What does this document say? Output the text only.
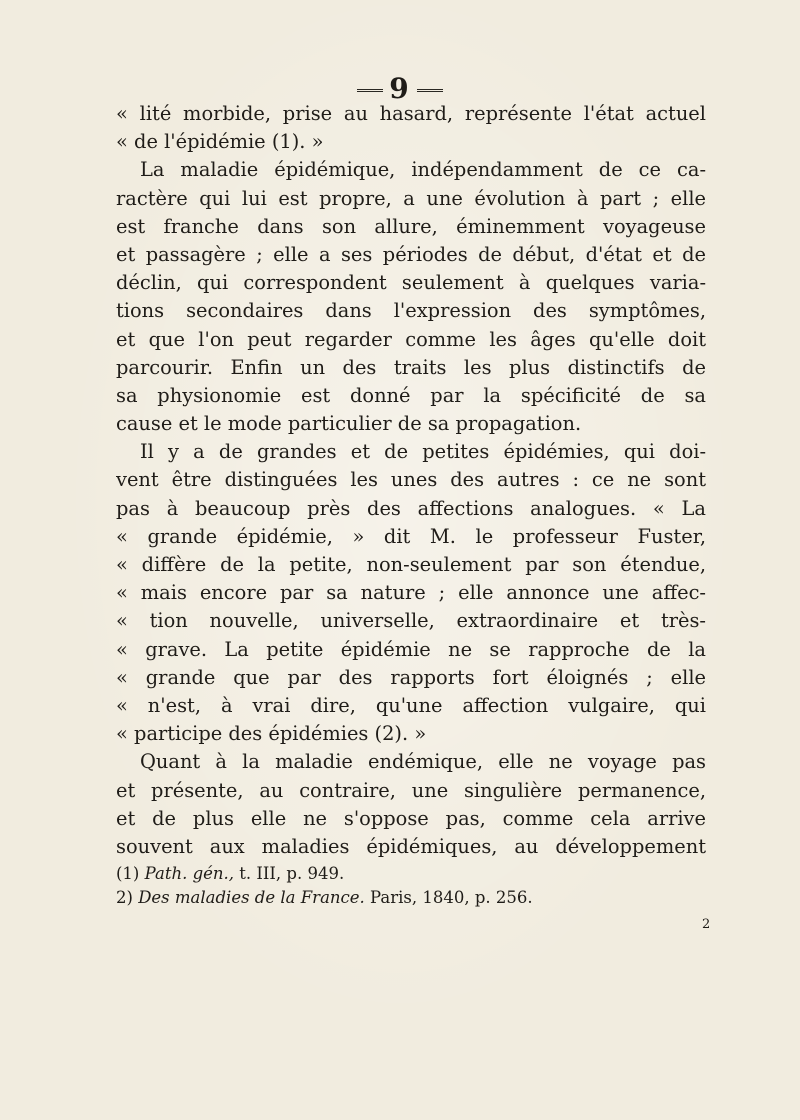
9
« lité morbide, prise au hasard, représente l'état actuel
« de l'épidémie (1). »
La maladie épidémique, indépendamment de ce ca-
ractère qui lui est propre, a une évolution à part ; elle
est franche dans son allure, éminemment voyageuse
et passagère ; elle a ses périodes de début, d'état et de
déclin, qui correspondent seulement à quelques varia-
tions secondaires dans l'expression des symptômes,
et que l'on peut regarder comme les âges qu'elle doit
parcourir. Enfin un des traits les plus distinctifs de
sa physionomie est donné par la spécificité de sa
cause et le mode particulier de sa propagation.
Il y a de grandes et de petites épidémies, qui doi-
vent être distinguées les unes des autres : ce ne sont
pas à beaucoup près des affections analogues. « La
« grande épidémie, » dit M. le professeur Fuster,
« diffère de la petite, non-seulement par son étendue,
« mais encore par sa nature ; elle annonce une affec-
« tion nouvelle, universelle, extraordinaire et très-
« grave. La petite épidémie ne se rapproche de la
« grande que par des rapports fort éloignés ; elle
« n'est, à vrai dire, qu'une affection vulgaire, qui
« participe des épidémies (2). »
Quant à la maladie endémique, elle ne voyage pas
et présente, au contraire, une singulière permanence,
et de plus elle ne s'oppose pas, comme cela arrive
souvent aux maladies épidémiques, au développement
(1) Path. gén., t. III, p. 949.
2) Des maladies de la France. Paris, 1840, p. 256.
2
